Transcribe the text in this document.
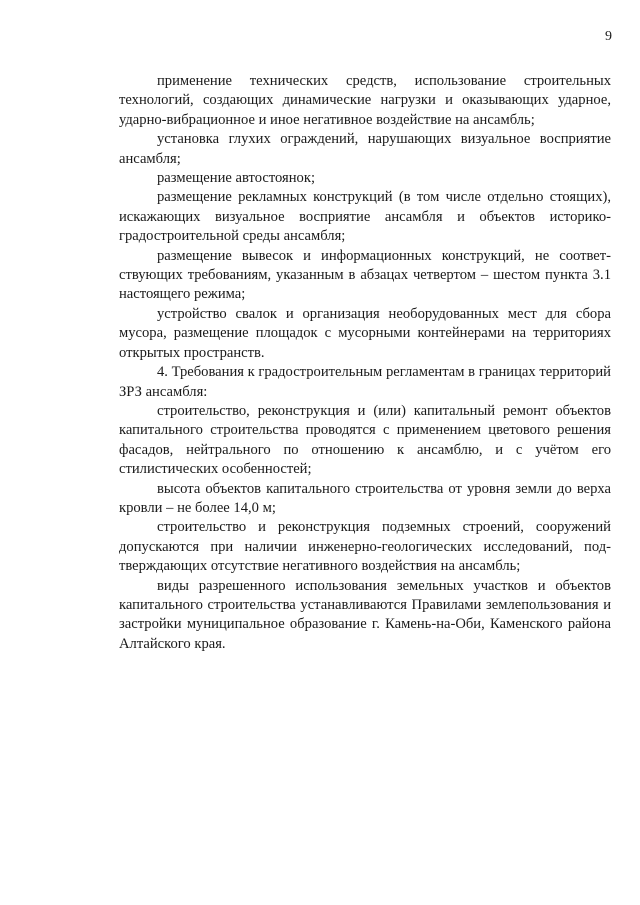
9

применение технических средств, использование строительных технологий, создающих динамические нагрузки и оказывающих ударное, ударно-вибрационное и иное негативное воздействие на ансамбль;

установка глухих ограждений, нарушающих визуальное восприятие ансамбля;

размещение автостоянок;

размещение рекламных конструкций (в том числе отдельно стоящих), искажающих визуальное восприятие ансамбля и объектов историко-градостроительной среды ансамбля;

размещение вывесок и информационных конструкций, не соответ-ствующих требованиям, указанным в абзацах четвертом – шестом пункта 3.1 настоящего режима;

устройство свалок и организация необорудованных мест для сбора мусора, размещение площадок с мусорными контейнерами на территориях открытых пространств.

4. Требования к градостроительным регламентам в границах территорий ЗРЗ ансамбля:

строительство, реконструкция и (или) капитальный ремонт объектов капитального строительства проводятся с применением цветового решения фасадов, нейтрального по отношению к ансамблю, и с учётом его стилистических особенностей;

высота объектов капитального строительства от уровня земли до верха кровли – не более 14,0 м;

строительство и реконструкция подземных строений, сооружений допускаются при наличии инженерно-геологических исследований, под-тверждающих отсутствие негативного воздействия на ансамбль;

виды разрешенного использования земельных участков и объектов капитального строительства устанавливаются Правилами землепользования и застройки муниципальное образование г. Камень-на-Оби, Каменского района Алтайского края.
